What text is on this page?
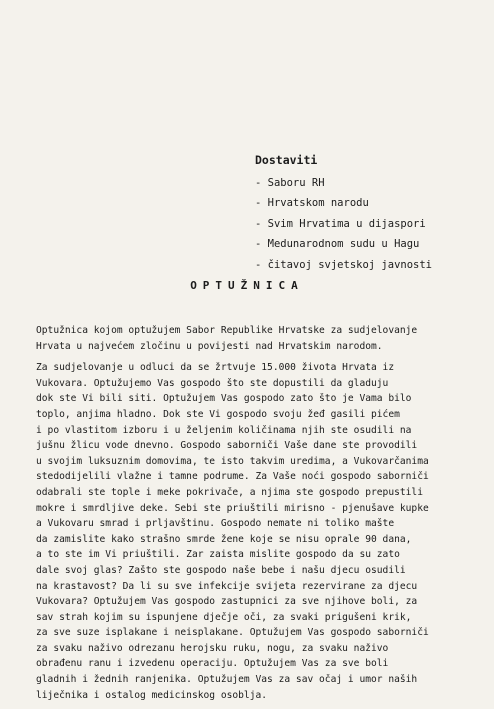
Dostaviti
- Saboru RH
- Hrvatskom narodu
- Svim Hrvatima u dijaspori
- Medunarodnom sudu u Hagu
- čitavoj svjetskoj javnosti
OPTUŽNICA
Optužnica kojom optužujem Sabor Republike Hrvatske za sudjelovanje
Hrvata u najvećem zločinu u povijesti nad Hrvatskim narodom.
Za sudjelovanje u odluci da se žrtvuje 15.000 života Hrvata iz
Vukovara. Optužujemo Vas gospodo što ste dopustili da gladuju
dok ste Vi bili siti. Optužujem Vas gospodo zato što je Vama bilo
toplo, anjima hladno. Dok ste Vi gospodo svoju žeđ gasili pićem
i po vlastitom izboru i u željenim količinama njih ste osudili na
jušnu žlicu vode dnevno. Gospodo saborniči Vaše dane ste provodili
u svojim luksuznim domovima, te isto takvim uredima, a Vukovarčanima
stedodijelili vlažne i tamne podrume. Za Vaše noći gospodo saborniči
odabrali ste tople i meke pokrivače, a njima ste gospodo prepustili
mokre i smrdljive deke. Sebi ste priuštili mirisno - pjenušave kupke
a Vukovaru smrad i prljavštinu. Gospodo nemate ni toliko mašte
da zamislite kako strašno smrde žene koje se nisu oprale 90 dana,
a to ste im Vi priuštili. Zar zaista mislite gospodo da su zato
dale svoj glas? Zašto ste gospodo naše bebe i našu djecu osudili
na krastavost? Da li su sve infekcije svijeta rezervirane za djecu
Vukovara? Optužujem Vas gospodo zastupnici za sve njihove boli, za
sav strah kojim su ispunjene dječje oči, za svaki prigušeni krik,
za sve suze isplakane i neisplakane. Optužujem Vas gospodo saborniči
za svaku naživo odrezanu herojsku ruku, nogu, za svaku naživo
obrađenu ranu i izvedenu operaciju. Optužujem Vas za sve boli
gladnih i žednih ranjenika. Optužujem Vas za sav očaj i umor naših
liječnika i ostalog medicinskog osoblja.
